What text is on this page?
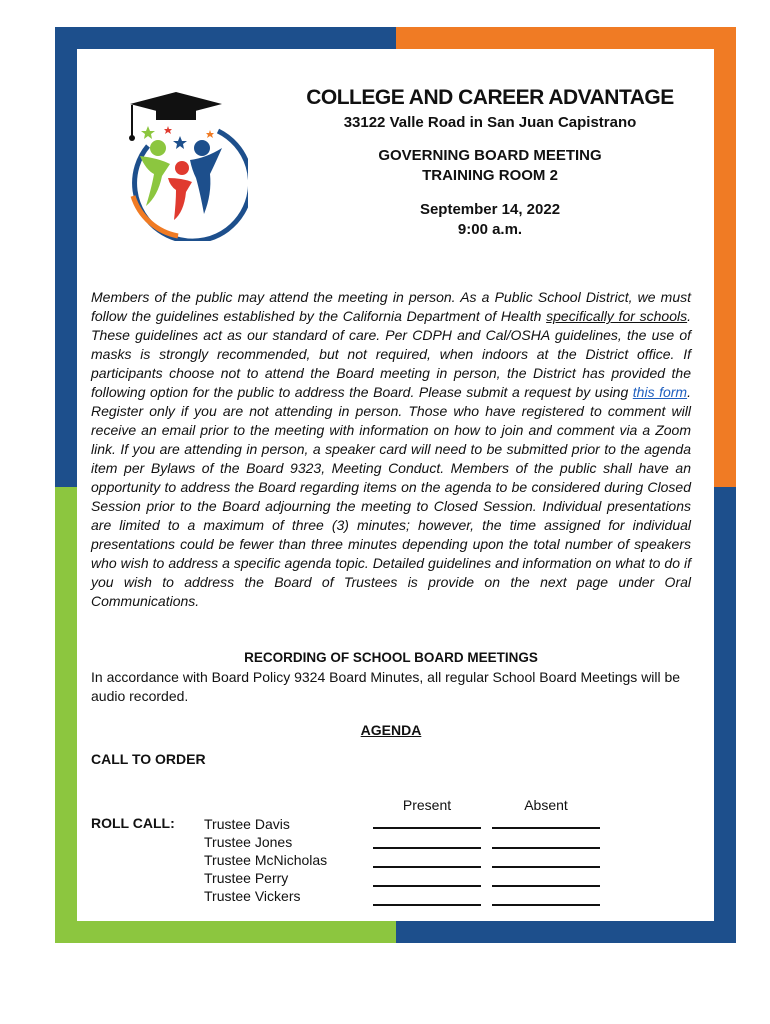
COLLEGE AND CAREER ADVANTAGE
33122 Valle Road in San Juan Capistrano
GOVERNING BOARD MEETING
TRAINING ROOM 2
September 14, 2022
9:00 a.m.
Members of the public may attend the meeting in person. As a Public School District, we must follow the guidelines established by the California Department of Health specifically for schools. These guidelines act as our standard of care. Per CDPH and Cal/OSHA guidelines, the use of masks is strongly recommended, but not required, when indoors at the District office. If participants choose not to attend the Board meeting in person, the District has provided the following option for the public to address the Board. Please submit a request by using this form. Register only if you are not attending in person. Those who have registered to comment will receive an email prior to the meeting with information on how to join and comment via a Zoom link. If you are attending in person, a speaker card will need to be submitted prior to the agenda item per Bylaws of the Board 9323, Meeting Conduct. Members of the public shall have an opportunity to address the Board regarding items on the agenda to be considered during Closed Session prior to the Board adjourning the meeting to Closed Session. Individual presentations are limited to a maximum of three (3) minutes; however, the time assigned for individual presentations could be fewer than three minutes depending upon the total number of speakers who wish to address a specific agenda topic. Detailed guidelines and information on what to do if you wish to address the Board of Trustees is provide on the next page under Oral Communications.
RECORDING OF SCHOOL BOARD MEETINGS
In accordance with Board Policy 9324 Board Minutes, all regular School Board Meetings will be audio recorded.
AGENDA
CALL TO ORDER
Present	Absent
ROLL CALL: Trustee Davis
Trustee Jones
Trustee McNicholas
Trustee Perry
Trustee Vickers
